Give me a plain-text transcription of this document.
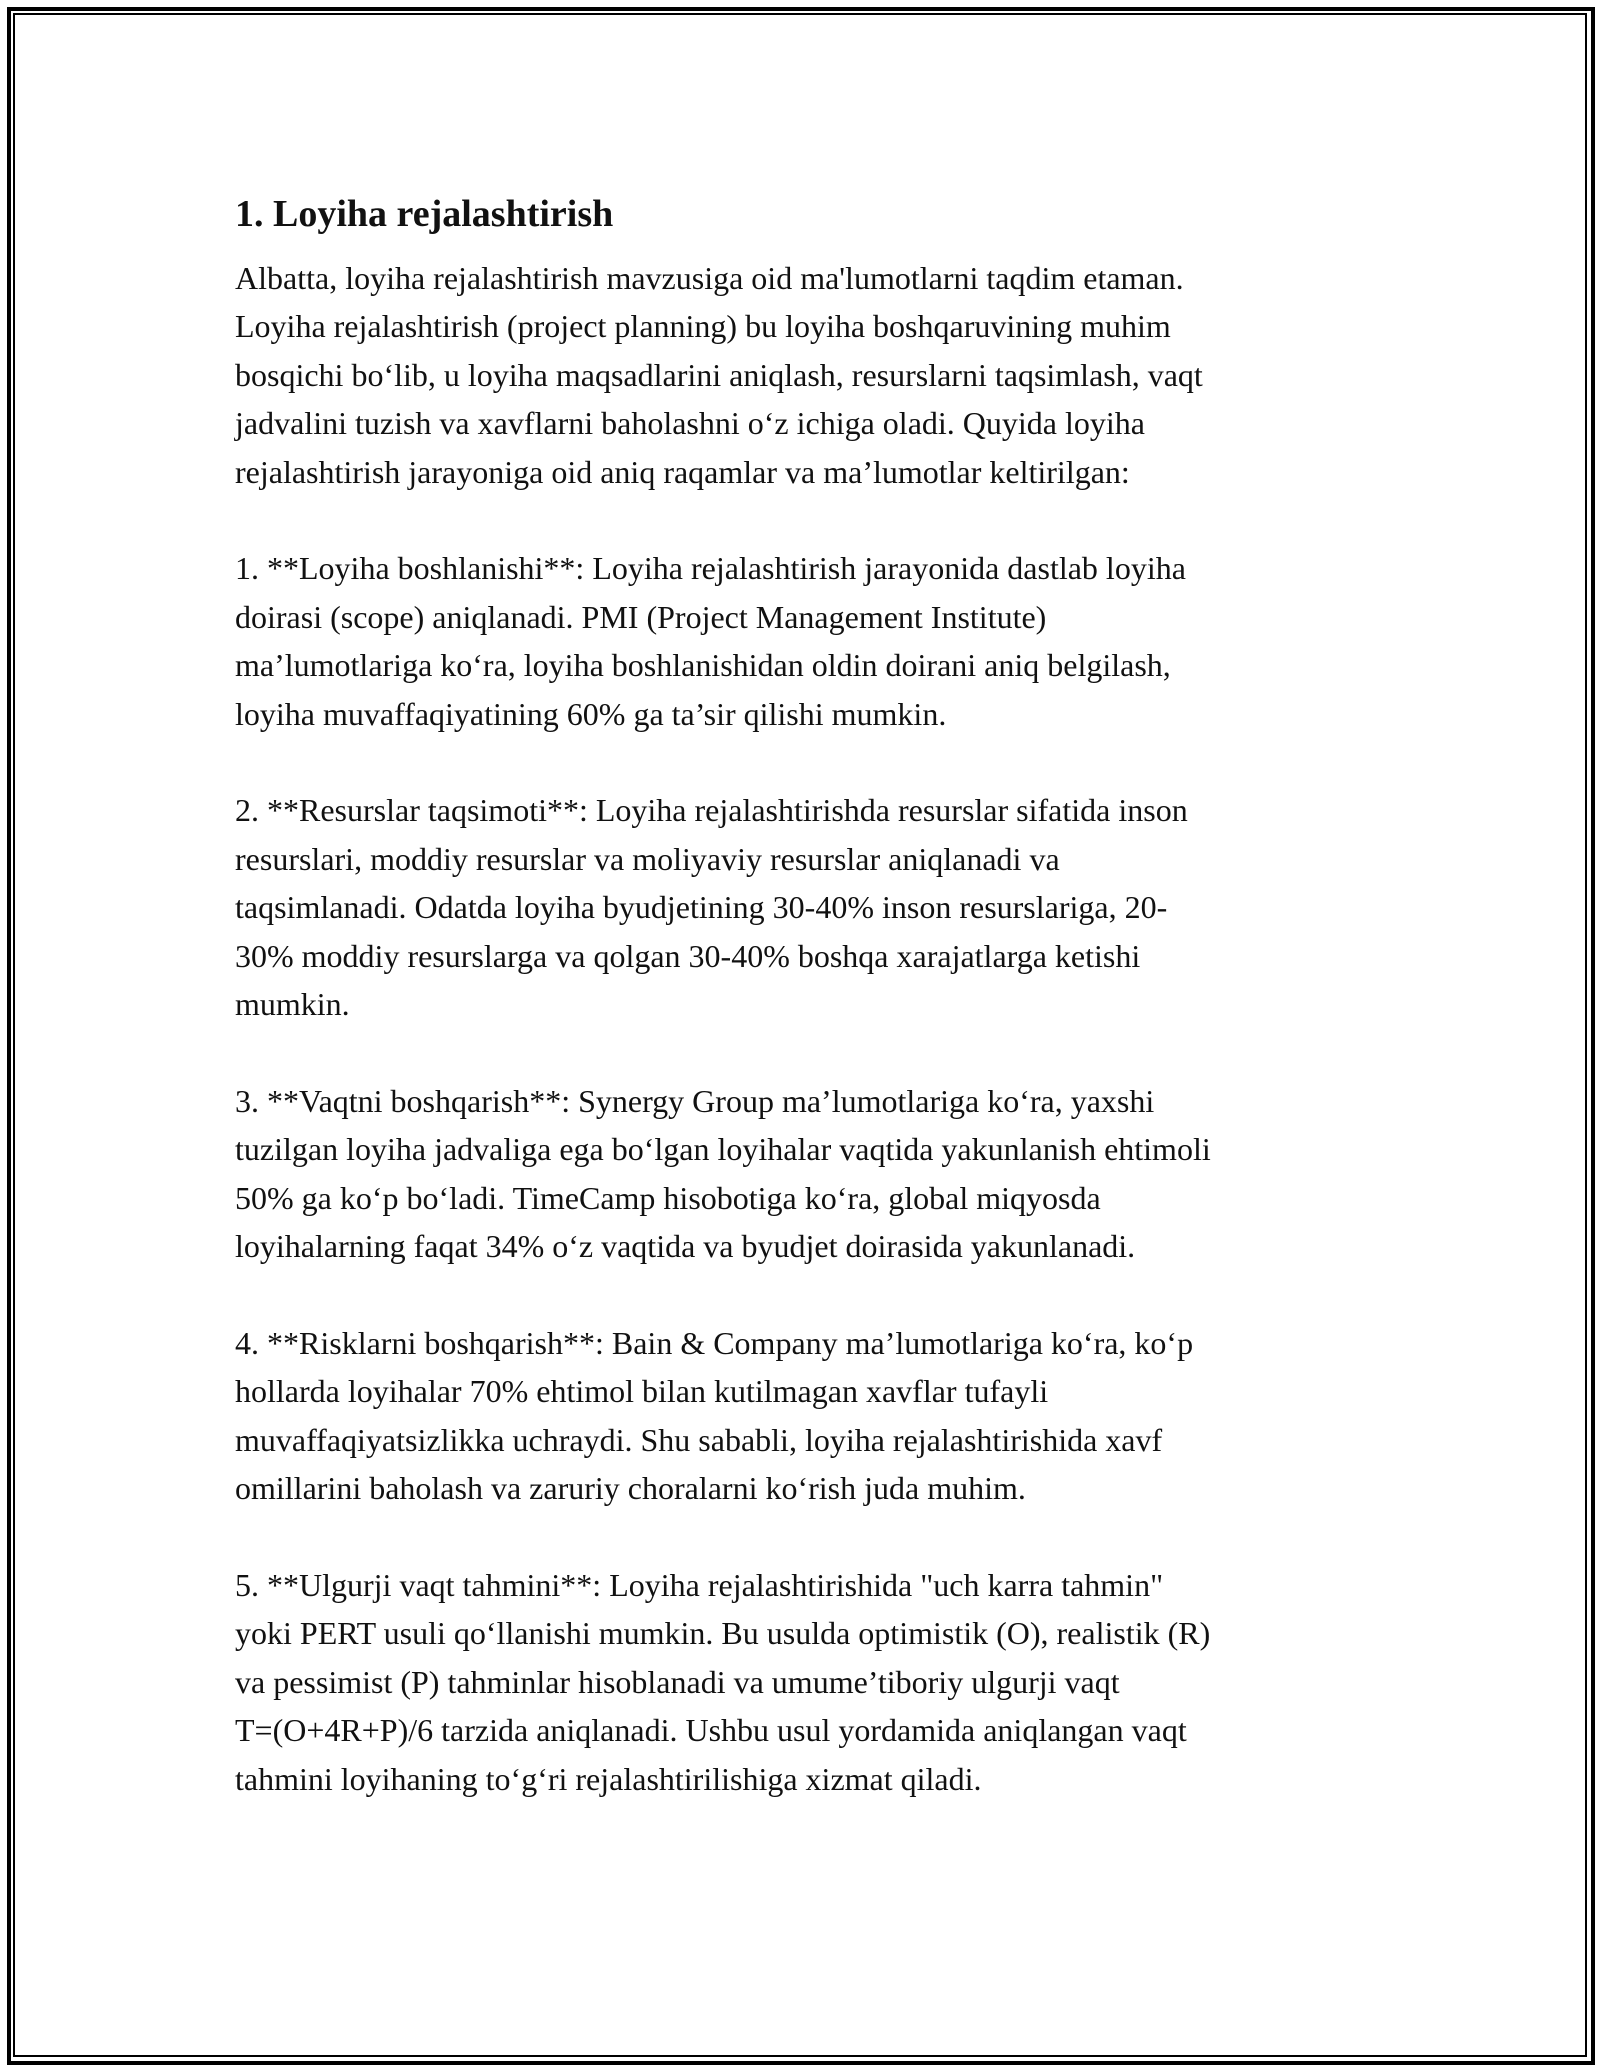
1. Loyiha rejalashtirish
Albatta, loyiha rejalashtirish mavzusiga oid ma'lumotlarni taqdim etaman.
Loyiha rejalashtirish (project planning) bu loyiha boshqaruvining muhim
bosqichi bo‘lib, u loyiha maqsadlarini aniqlash, resurslarni taqsimlash, vaqt
jadvalini tuzish va xavflarni baholashni o‘z ichiga oladi. Quyida loyiha
rejalashtirish jarayoniga oid aniq raqamlar va ma’lumotlar keltirilgan:
1. **Loyiha boshlanishi**: Loyiha rejalashtirish jarayonida dastlab loyiha
doirasi (scope) aniqlanadi. PMI (Project Management Institute)
ma’lumotlariga ko‘ra, loyiha boshlanishidan oldin doirani aniq belgilash,
loyiha muvaffaqiyatining 60% ga ta’sir qilishi mumkin.
2. **Resurslar taqsimoti**: Loyiha rejalashtirishda resurslar sifatida inson
resurslari, moddiy resurslar va moliyaviy resurslar aniqlanadi va
taqsimlanadi. Odatda loyiha byudjetining 30-40% inson resurslariga, 20-
30% moddiy resurslarga va qolgan 30-40% boshqa xarajatlarga ketishi
mumkin.
3. **Vaqtni boshqarish**: Synergy Group ma’lumotlariga ko‘ra, yaxshi
tuzilgan loyiha jadvaliga ega bo‘lgan loyihalar vaqtida yakunlanish ehtimoli
50% ga ko‘p bo‘ladi. TimeCamp hisobotiga ko‘ra, global miqyosda
loyihalarning faqat 34% o‘z vaqtida va byudjet doirasida yakunlanadi.
4. **Risklarni boshqarish**: Bain & Company ma’lumotlariga ko‘ra, ko‘p
hollarda loyihalar 70% ehtimol bilan kutilmagan xavflar tufayli
muvaffaqiyatsizlikka uchraydi. Shu sababli, loyiha rejalashtirishida xavf
omillarini baholash va zaruriy choralarni ko‘rish juda muhim.
5. **Ulgurji vaqt tahmini**: Loyiha rejalashtirishida "uch karra tahmin"
yoki PERT usuli qo‘llanishi mumkin. Bu usulda optimistik (O), realistik (R)
va pessimist (P) tahminlar hisoblanadi va umume’tiboriy ulgurji vaqt
T=(O+4R+P)/6 tarzida aniqlanadi. Ushbu usul yordamida aniqlangan vaqt
tahmini loyihaning to‘g‘ri rejalashtirilishiga xizmat qiladi.
